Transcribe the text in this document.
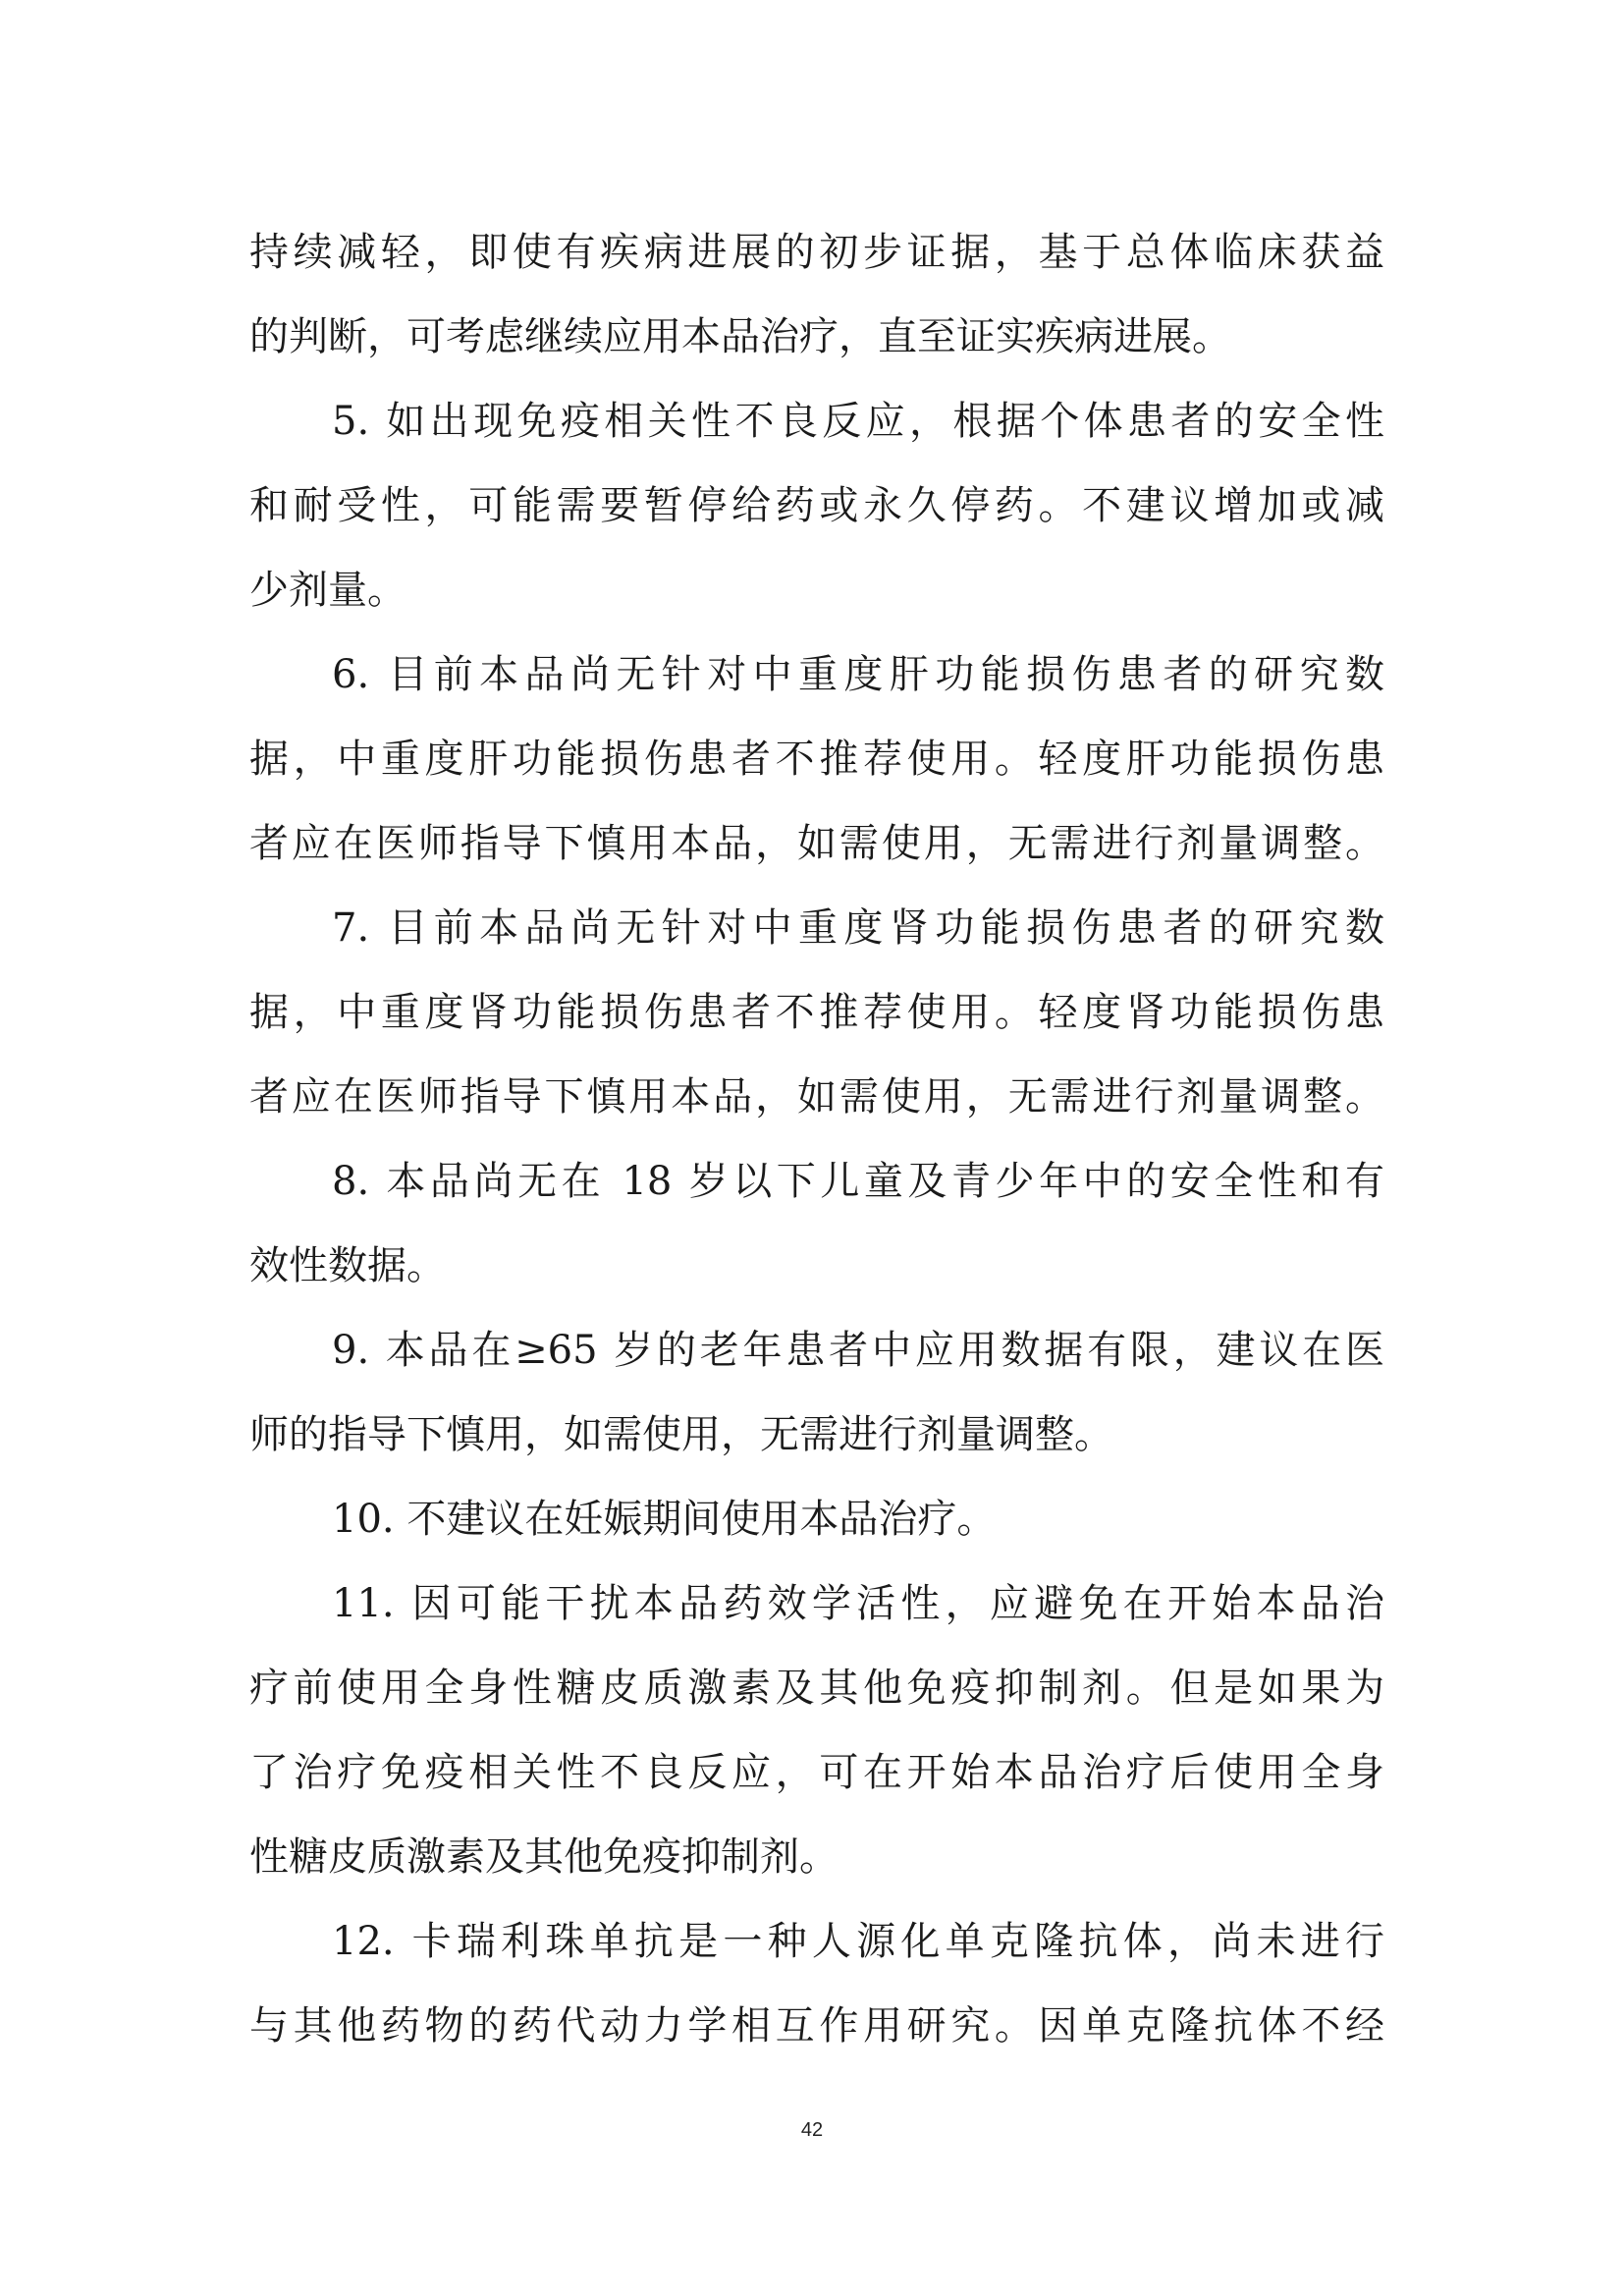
持续减轻，即使有疾病进展的初步证据，基于总体临床获益
的判断，可考虑继续应用本品治疗，直至证实疾病进展。
5. 如出现免疫相关性不良反应，根据个体患者的安全性
和耐受性，可能需要暂停给药或永久停药。不建议增加或减
少剂量。
6. 目前本品尚无针对中重度肝功能损伤患者的研究数
据，中重度肝功能损伤患者不推荐使用。轻度肝功能损伤患
者应在医师指导下慎用本品，如需使用，无需进行剂量调整。
7. 目前本品尚无针对中重度肾功能损伤患者的研究数
据，中重度肾功能损伤患者不推荐使用。轻度肾功能损伤患
者应在医师指导下慎用本品，如需使用，无需进行剂量调整。
8. 本品尚无在 18 岁以下儿童及青少年中的安全性和有
效性数据。
9. 本品在≥65 岁的老年患者中应用数据有限，建议在医
师的指导下慎用，如需使用，无需进行剂量调整。
10. 不建议在妊娠期间使用本品治疗。
11. 因可能干扰本品药效学活性，应避免在开始本品治
疗前使用全身性糖皮质激素及其他免疫抑制剂。但是如果为
了治疗免疫相关性不良反应，可在开始本品治疗后使用全身
性糖皮质激素及其他免疫抑制剂。
12. 卡瑞利珠单抗是一种人源化单克隆抗体，尚未进行
与其他药物的药代动力学相互作用研究。因单克隆抗体不经
42
